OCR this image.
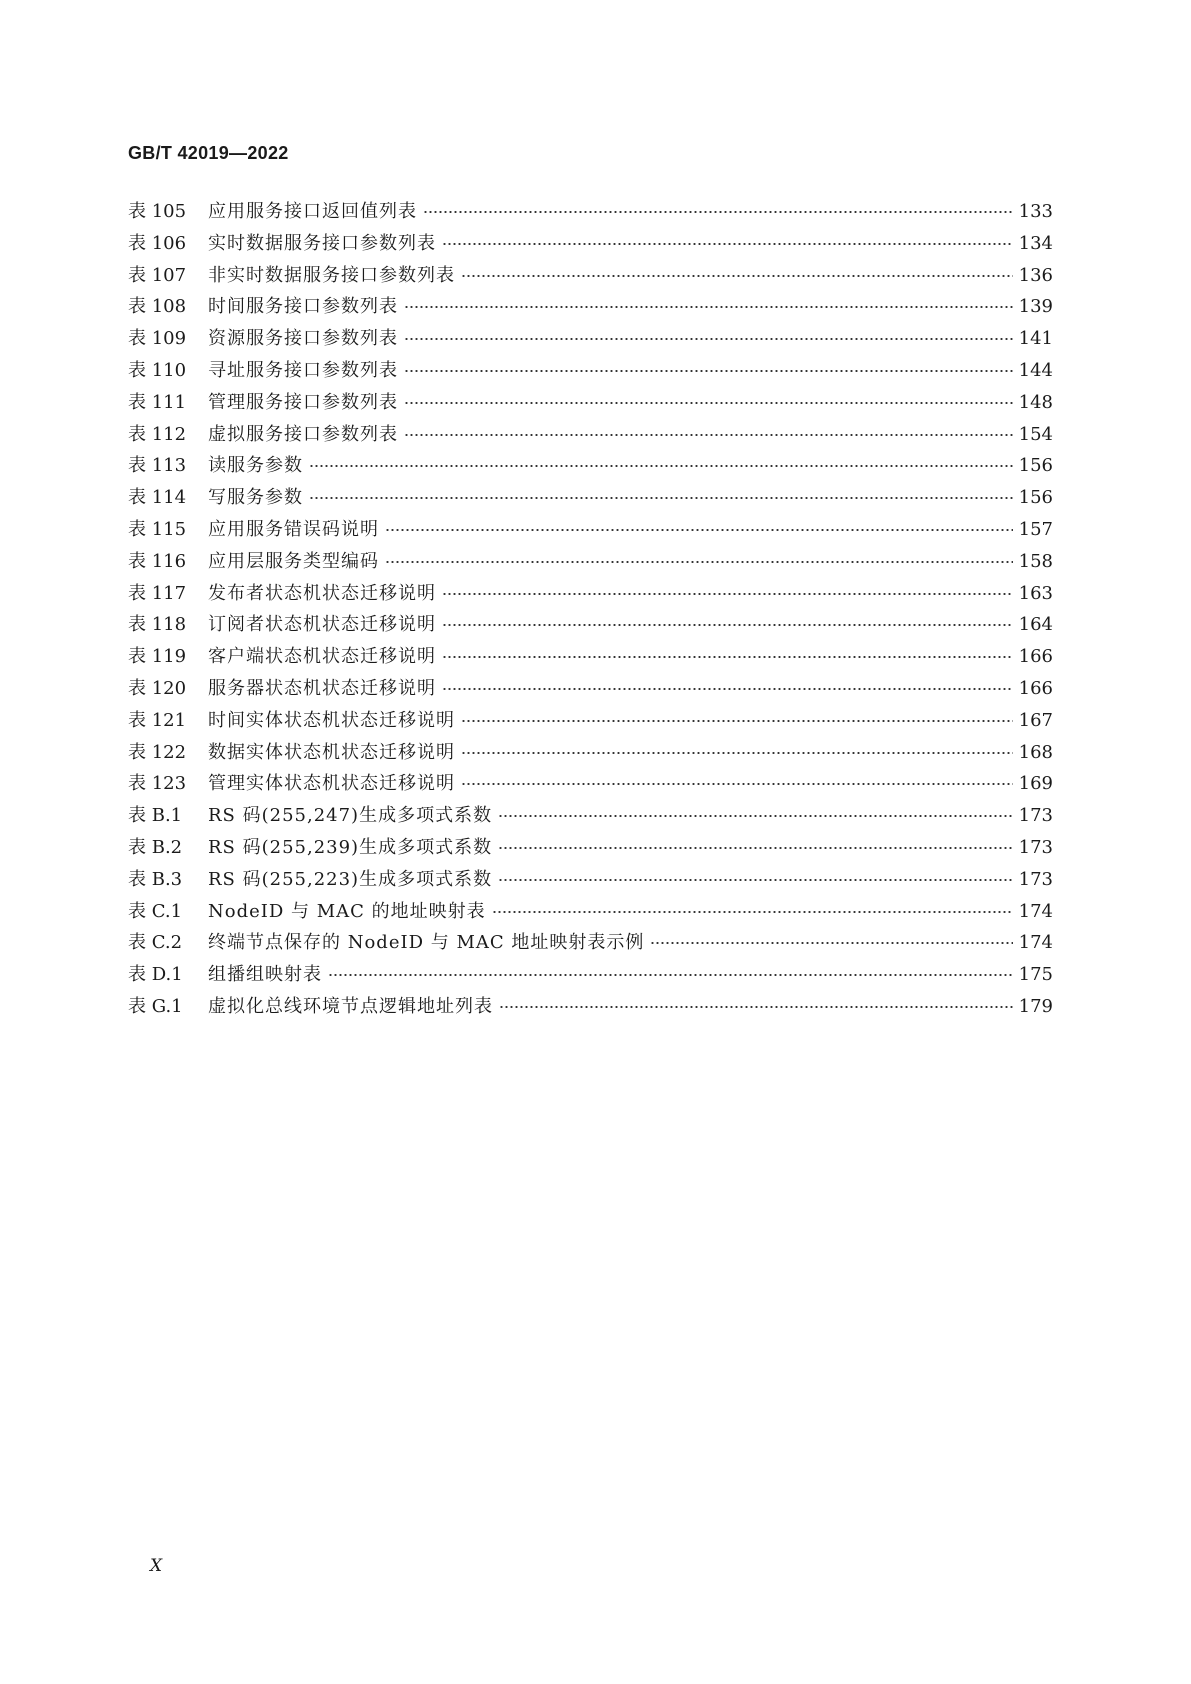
GB/T 42019—2022
表 105	应用服务接口返回值列表	133
表 106	实时数据服务接口参数列表	134
表 107	非实时数据服务接口参数列表	136
表 108	时间服务接口参数列表	139
表 109	资源服务接口参数列表	141
表 110	寻址服务接口参数列表	144
表 111	管理服务接口参数列表	148
表 112	虚拟服务接口参数列表	154
表 113	读服务参数	156
表 114	写服务参数	156
表 115	应用服务错误码说明	157
表 116	应用层服务类型编码	158
表 117	发布者状态机状态迁移说明	163
表 118	订阅者状态机状态迁移说明	164
表 119	客户端状态机状态迁移说明	166
表 120	服务器状态机状态迁移说明	166
表 121	时间实体状态机状态迁移说明	167
表 122	数据实体状态机状态迁移说明	168
表 123	管理实体状态机状态迁移说明	169
表 B.1	RS 码(255,247)生成多项式系数	173
表 B.2	RS 码(255,239)生成多项式系数	173
表 B.3	RS 码(255,223)生成多项式系数	173
表 C.1	NodeID 与 MAC 的地址映射表	174
表 C.2	终端节点保存的 NodeID 与 MAC 地址映射表示例	174
表 D.1	组播组映射表	175
表 G.1	虚拟化总线环境节点逻辑地址列表	179
X
